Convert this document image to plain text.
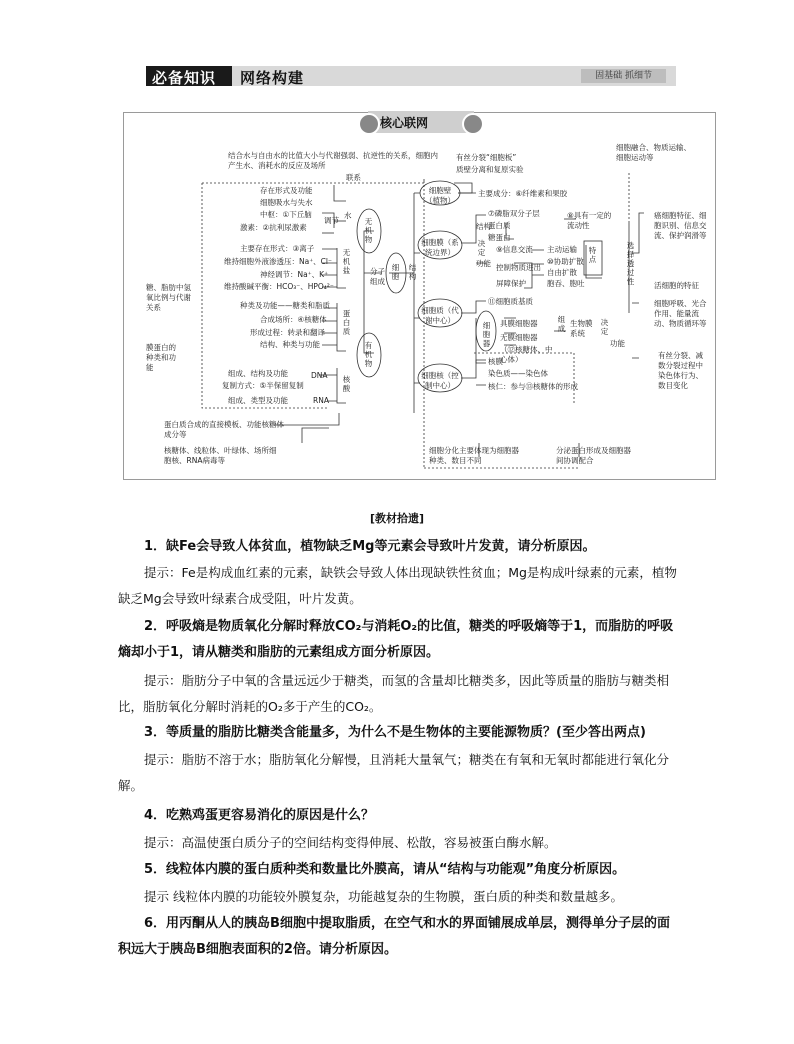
必备知识 网络构建	固基础 抓细节
核心联网
结合水与自由水的比值大小与代谢强弱、抗逆性的关系，细胞内产生水、消耗水的反应及场所
联系
存在形式及功能
细胞吸水与失水
中枢：①下丘脑
激素：②抗利尿激素
调节
水
主要存在形式：③离子
维持细胞外液渗透压：Na⁺、Cl⁻
神经调节：Na⁺、K⁺
维持酸碱平衡：HCO₃⁻、HPO₄²⁻
无机盐
无机物
有机物
分子组成
细胞
结构
种类及功能——糖类和脂质
合成场所：④核糖体
形成过程：转录和翻译
结构、种类与功能
蛋白质
组成、结构及功能
复制方式：⑤半保留复制
组成、类型及功能
DNA
RNA
核酸
糖、脂肪中氢氧比例与代谢关系
膜蛋白的种类和功能
蛋白质合成的直接模板、功能核糖体成分等
核糖体、线粒体、叶绿体、场所细胞核、RNA病毒等
细胞壁（植物）
主要成分：⑥纤维素和果胶
有丝分裂“细胞板”
质壁分离和复原实验
细胞膜（系统边界）
⑦磷脂双分子层
蛋白质
糖蛋白
⑧具有一定的流动性
结构
决定
功能
⑨信息交流
控制物质进出
屏障保护
主动运输
⑩协助扩散
自由扩散
胞吞、胞吐
特点
选择透过性
细胞质（代谢中心）
⑪细胞质基质
细胞器
具膜细胞器
无膜细胞器
（⑫核糖体、中心体）
组成
生物膜系统
决定
功能
细胞核（控制中心）
核膜
染色质——染色体
核仁：参与⑬核糖体的形成
细胞融合、物质运输、细胞运动等
癌细胞特征、细胞识别、信息交流、保护润滑等
活细胞的特征
细胞呼吸、光合作用、能量流动、物质循环等
有丝分裂、减数分裂过程中染色体行为、数目变化
细胞分化主要体现为细胞器种类、数目不同
分泌蛋白形成及细胞器间协调配合
[教材拾遗]
1．缺Fe会导致人体贫血，植物缺乏Mg等元素会导致叶片发黄，请分析原因。
提示：Fe是构成血红素的元素，缺铁会导致人体出现缺铁性贫血；Mg是构成叶绿素的元素，植物缺乏Mg会导致叶绿素合成受阻，叶片发黄。
2．呼吸熵是物质氧化分解时释放CO₂与消耗O₂的比值，糖类的呼吸熵等于1，而脂肪的呼吸熵却小于1，请从糖类和脂肪的元素组成方面分析原因。
提示：脂肪分子中氧的含量远远少于糖类，而氢的含量却比糖类多，因此等质量的脂肪与糖类相比，脂肪氧化分解时消耗的O₂多于产生的CO₂。
3．等质量的脂肪比糖类含能量多，为什么不是生物体的主要能源物质？(至少答出两点)
提示：脂肪不溶于水；脂肪氧化分解慢，且消耗大量氧气；糖类在有氧和无氧时都能进行氧化分解。
4．吃熟鸡蛋更容易消化的原因是什么？
提示：高温使蛋白质分子的空间结构变得伸展、松散，容易被蛋白酶水解。
5．线粒体内膜的蛋白质种类和数量比外膜高，请从“结构与功能观”角度分析原因。
提示 线粒体内膜的功能较外膜复杂，功能越复杂的生物膜，蛋白质的种类和数量越多。
6．用丙酮从人的胰岛B细胞中提取脂质，在空气和水的界面铺展成单层，测得单分子层的面积远大于胰岛B细胞表面积的2倍。请分析原因。
